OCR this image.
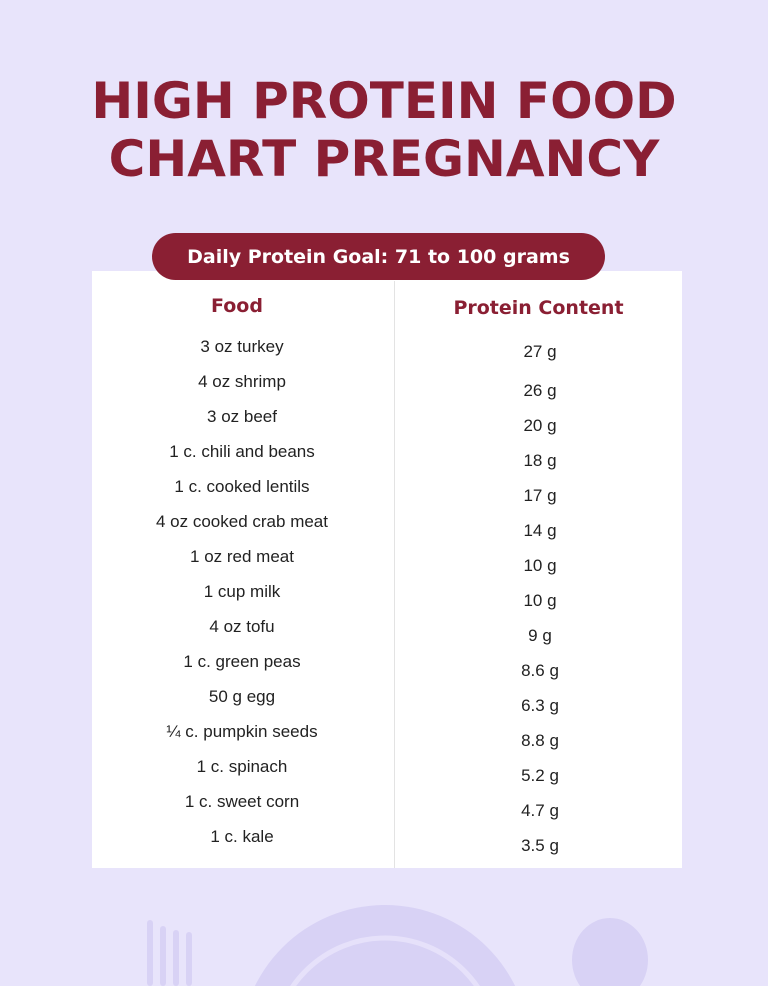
HIGH PROTEIN FOOD
CHART PREGNANCY
Food	Protein Content
3 oz turkey
4 oz shrimp
3 oz beef
1 c. chili and beans
1 c. cooked lentils
4 oz cooked crab meat
1 oz red meat
1 cup milk
4 oz tofu
1 c. green peas
50 g egg
¼ c. pumpkin seeds
1 c. spinach
1 c. sweet corn
1 c. kale
27 g
26 g
20 g
18 g
17 g
14 g
10 g
10 g
9 g
8.6 g
6.3 g
8.8 g
5.2 g
4.7 g
3.5 g
Daily Protein Goal: 71 to 100 grams
